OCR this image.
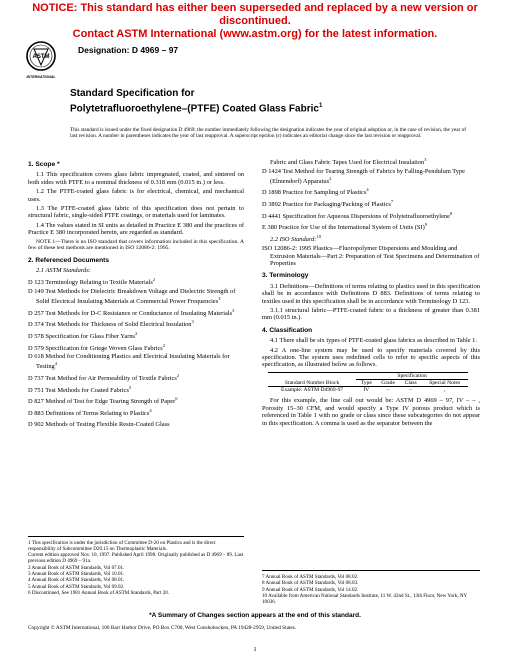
NOTICE: This standard has either been superseded and replaced by a new version or discontinued.
Contact ASTM International (www.astm.org) for the latest information.
ASTM
INTERNATIONAL
Designation: D 4969 – 97
Standard Specification for
Polytetrafluoroethylene–(PTFE) Coated Glass Fabric$^1$
This standard is issued under the fixed designation D 4969; the number immediately following the designation indicates the year of original adoption or, in the case of revision, the year of last revision. A number in parentheses indicates the year of last reapproval. A superscript epsilon (ε) indicates an editorial change since the last revision or reapproval.
1. Scope *

1.1 This specification covers glass fabric impregnated, coated, and sintered on both sides with PTFE to a nominal thickness of 0.318 mm (0.015 in.) or less.

1.2 The PTFE-coated glass fabric is for electrical, chemical, and mechanical uses.

1.3 The PTFE-coated glass fabric of this specification does not pertain to structural fabric, single-sided PTFE coatings, or materials used for laminates.

1.4 The values stated in SI units as detailed in Practice E 380 and the practices of Practice E 380 incorporated herein, are regarded as standard.

NOTE 1—There is no ISO standard that covers information included in this specification. A few of these test methods are mentioned in ISO 12086-2: 1995.

2. Referenced Documents

2.1 ASTM Standards:

D 123 Terminology Relating to Textile Materials$^2$
D 149 Test Methods for Dielectric Breakdown Voltage and Dielectric Strength of Solid Electrical Insulating Materials at Commercial Power Frequencies$^3$
D 257 Test Methods for D-C Resistance or Conductance of Insulating Materials$^3$
D 374 Test Methods for Thickness of Solid Electrical Insulation$^3$
D 578 Specification for Glass Fiber Yarns$^2$
D 579 Specification for Griege Woven Glass Fabrics$^2$
D 618 Method for Conditioning Plastics and Electrical Insulating Materials for Testing$^4$
D 737 Test Method for Air Permeability of Textile Fabrics$^2$
D 751 Test Methods for Coated Fabrics$^5$
D 827 Method of Test for Edge Tearing Strength of Paper$^6$
D 883 Definitions of Terms Relating to Plastics$^4$
D 902 Methods of Testing Flexible Resin-Coated Glass
Fabric and Glass Fabric Tapes Used for Electrical Insulation$^3$
D 1424 Test Method for Tearing Strength of Fabrics by Falling-Pendulum Type (Elmendorf) Apparatus$^2$
D 1898 Practice for Sampling of Plastics$^4$
D 3892 Practice for Packaging/Packing of Plastics$^7$
D 4441 Specification for Aqueous Dispersions of Polytetrafluoroethylene$^8$
E 380 Practice for Use of the International System of Units (SI)$^9$

2.2 ISO Standard:$^{10}$

ISO 12086-2: 1995 Plastics—Fluoropolymer Dispersions and Moulding and Extrusion Materials—Part 2: Preparation of Test Specimens and Determination of Properties
3. Terminology

3.1 Definitions—Definitions of terms relating to plastics used in this specification shall be in accordance with Definitions D 883. Definitions of terms relating to textiles used in this specification shall be in accordance with Terminology D 123.

3.1.1 structural fabric—PTFE-coated fabric to a thickness of greater than 0.381 mm (0.015 in.).

4. Classification

4.1 There shall be six types of PTFE-coated glass fabrics as described in Table 1.

4.2 A one-line system may be used to specify materials covered by this specification. The system uses redefined cells to refer to specific aspects of this specification, as illustrated below as follows.

	Specification			
Standard Number Block	Type	Grade	Class	Special Notes
Example: ASTM D4969-97	IV	–	–	,

For this example, the line call out would be: ASTM D 4969 – 97, IV – – , Porosity 15–30 CFM, and would specify a Type IV porous product which is referenced in Table 1 with no grade or class since these subcategories do not appear in this specification. A comma is used as the separator between the

1 This specification is under the jurisdiction of Committee D-20 on Plastics and is the direct responsibility of Subcommittee D20.15 on Thermoplastic Materials.
Current edition approved Nov. 10, 1997. Published April 1998. Originally published as D 4969 – 89. Last previous edition D 4969 – 91a.
2 Annual Book of ASTM Standards, Vol 07.01.
3 Annual Book of ASTM Standards, Vol 10.01.
4 Annual Book of ASTM Standards, Vol 08.01.
5 Annual Book of ASTM Standards, Vol 09.02.
6 Discontinued, See 1981 Annual Book of ASTM Standards, Part 20.
7 Annual Book of ASTM Standards, Vol 08.02.
8 Annual Book of ASTM Standards, Vol 08.03.
9 Annual Book of ASTM Standards, Vol 14.02.
10 Available from American National Standards Institute, 11 W. 42nd St., 13th Floor, New York, NY 10036.
*A Summary of Changes section appears at the end of this standard.
Copyright © ASTM International, 100 Barr Harbor Drive, PO Box C700, West Conshohocken, PA 19428-2959, United States.
1
